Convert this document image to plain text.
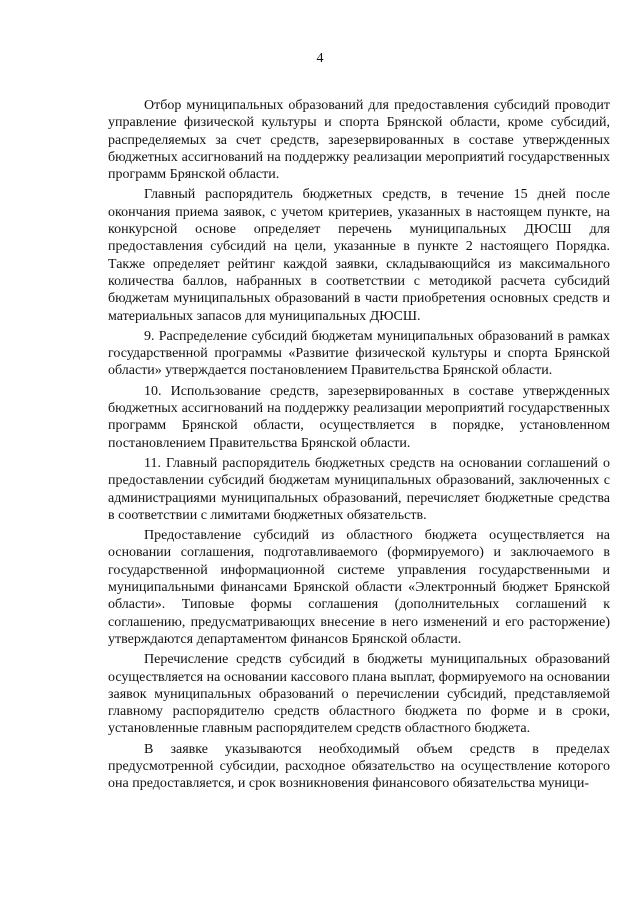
4

Отбор муниципальных образований для предоставления субсидий проводит управление физической культуры и спорта Брянской области, кроме субсидий, распределяемых за счет средств, зарезервированных в составе утвержденных бюджетных ассигнований на поддержку реализации мероприятий государственных программ Брянской области.

Главный распорядитель бюджетных средств, в течение 15 дней после окончания приема заявок, с учетом критериев, указанных в настоящем пункте, на конкурсной основе определяет перечень муниципальных ДЮСШ для предоставления субсидий на цели, указанные в пункте 2 настоящего Порядка. Также определяет рейтинг каждой заявки, складывающийся из максимального количества баллов, набранных в соответствии с методикой расчета субсидий бюджетам муниципальных образований в части приобретения основных средств и материальных запасов для муниципальных ДЮСШ.

9. Распределение субсидий бюджетам муниципальных образований в рамках государственной программы «Развитие физической культуры и спорта Брянской области» утверждается постановлением Правительства Брянской области.

10. Использование средств, зарезервированных в составе утвержденных бюджетных ассигнований на поддержку реализации мероприятий государственных программ Брянской области, осуществляется в порядке, установленном постановлением Правительства Брянской области.

11. Главный распорядитель бюджетных средств на основании соглашений о предоставлении субсидий бюджетам муниципальных образований, заключенных с администрациями муниципальных образований, перечисляет бюджетные средства в соответствии с лимитами бюджетных обязательств.

Предоставление субсидий из областного бюджета осуществляется на основании соглашения, подготавливаемого (формируемого) и заключаемого в государственной информационной системе управления государственными и муниципальными финансами Брянской области «Электронный бюджет Брянской области». Типовые формы соглашения (дополнительных соглашений к соглашению, предусматривающих внесение в него изменений и его расторжение) утверждаются департаментом финансов Брянской области.

Перечисление средств субсидий в бюджеты муниципальных образований осуществляется на основании кассового плана выплат, формируемого на основании заявок муниципальных образований о перечислении субсидий, представляемой главному распорядителю средств областного бюджета по форме и в сроки, установленные главным распорядителем средств областного бюджета.

В заявке указываются необходимый объем средств в пределах предусмотренной субсидии, расходное обязательство на осуществление которого она предоставляется, и срок возникновения финансового обязательства муници-
